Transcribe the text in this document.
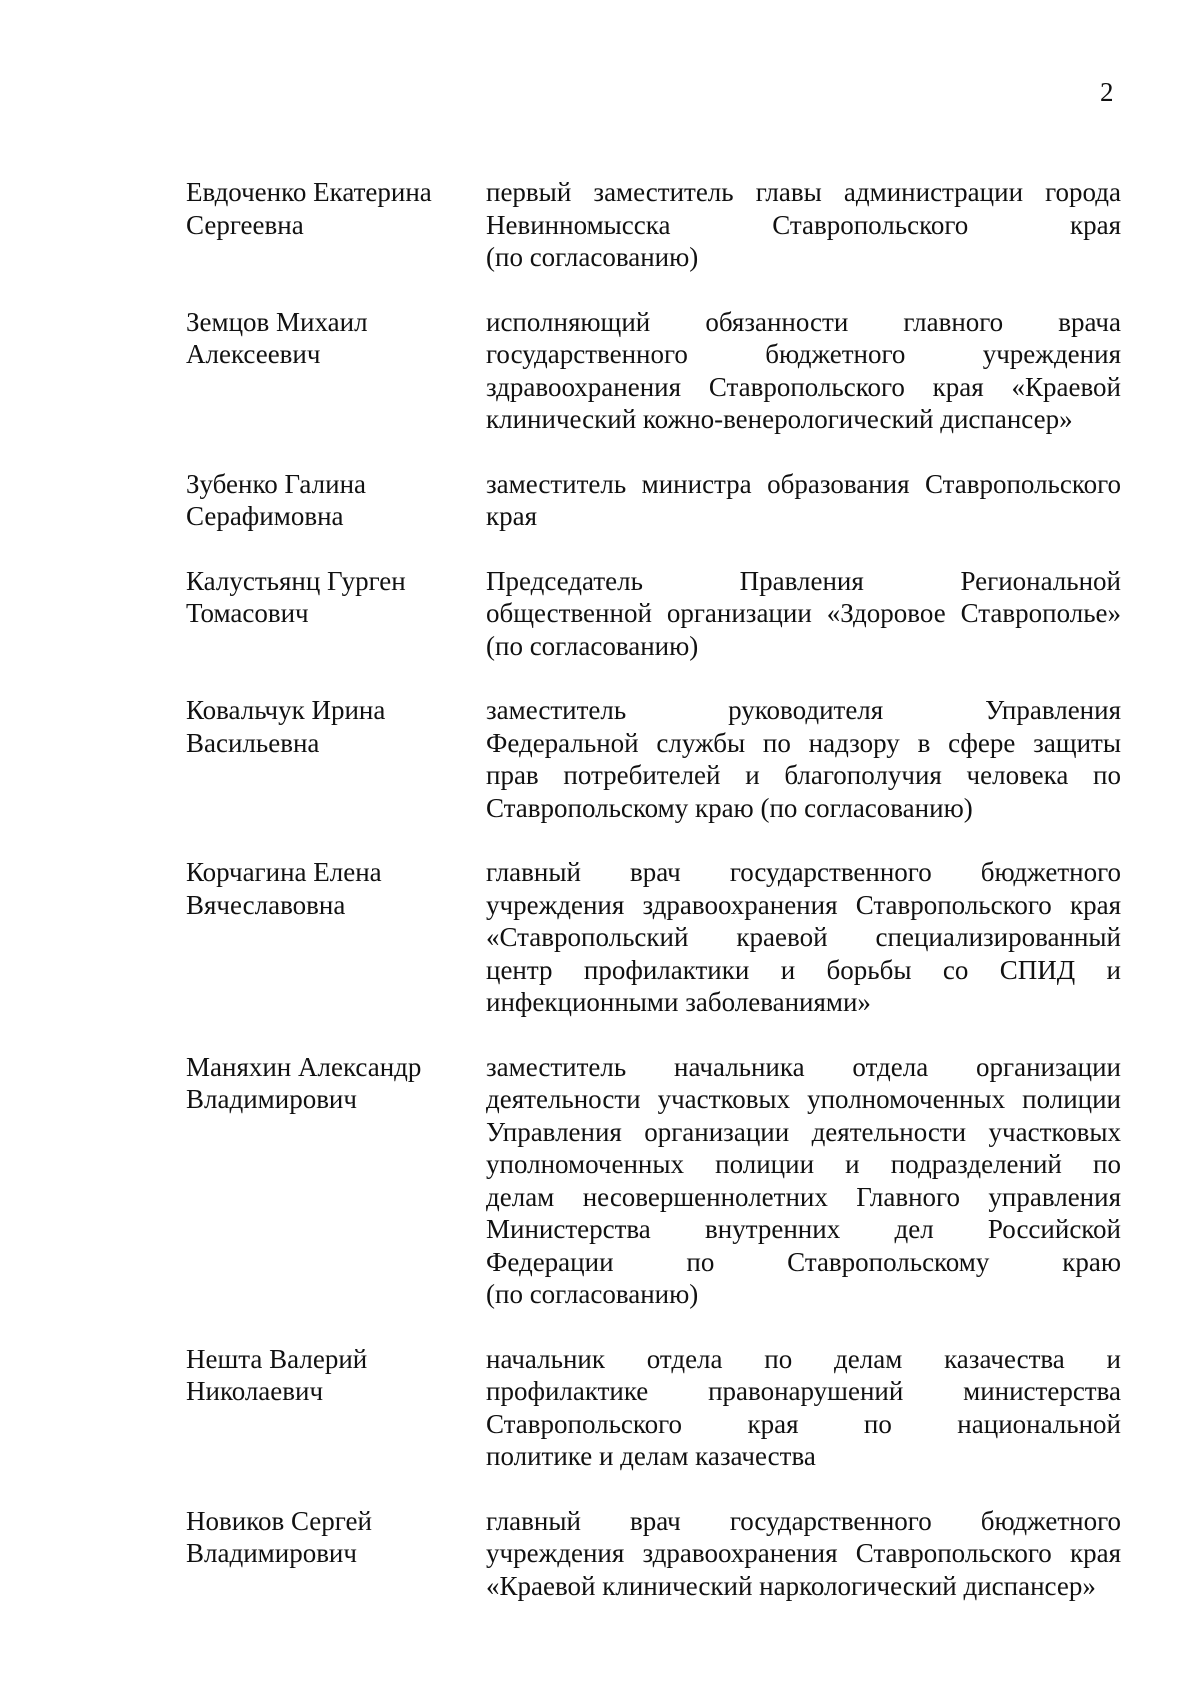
2
Евдоченко Екатерина
Сергеевна
первый заместитель главы администрации города
Невинномысска Ставропольского края
(по согласованию)
Земцов Михаил
Алексеевич
исполняющий обязанности главного врача
государственного бюджетного учреждения
здравоохранения Ставропольского края «Краевой
клинический кожно-венерологический диспансер»
Зубенко Галина
Серафимовна
заместитель министра образования Ставропольского
края
Калустьянц Гурген
Томасович
Председатель Правления Региональной
общественной организации «Здоровое Ставрополье»
(по согласованию)
Ковальчук Ирина
Васильевна
заместитель руководителя Управления
Федеральной службы по надзору в сфере защиты
прав потребителей и благополучия человека по
Ставропольскому краю (по согласованию)
Корчагина Елена
Вячеславовна
главный врач государственного бюджетного
учреждения здравоохранения Ставропольского края
«Ставропольский краевой специализированный
центр профилактики и борьбы со СПИД и
инфекционными заболеваниями»
Маняхин Александр
Владимирович
заместитель начальника отдела организации
деятельности участковых уполномоченных полиции
Управления организации деятельности участковых
уполномоченных полиции и подразделений по
делам несовершеннолетних Главного управления
Министерства внутренних дел Российской
Федерации по Ставропольскому краю
(по согласованию)
Нешта Валерий
Николаевич
начальник отдела по делам казачества и
профилактике правонарушений министерства
Ставропольского края по национальной
политике и делам казачества
Новиков Сергей
Владимирович
главный врач государственного бюджетного
учреждения здравоохранения Ставропольского края
«Краевой клинический наркологический диспансер»
